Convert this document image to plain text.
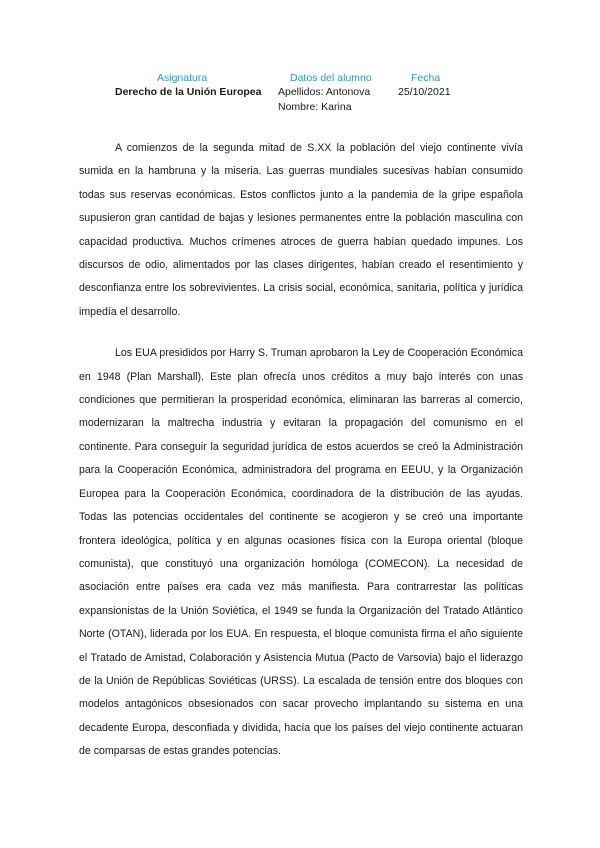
Asignatura
Derecho de la Unión Europea
Datos del alumno
Apellidos: Antonova
Nombre: Karina
Fecha
25/10/2021

A comienzos de la segunda mitad de S.XX la población del viejo continente vivía sumida en la hambruna y la miseria. Las guerras mundiales sucesivas habían consumido todas sus reservas económicas. Estos conflictos junto a la pandemia de la gripe española supusieron gran cantidad de bajas y lesiones permanentes entre la población masculina con capacidad productiva. Muchos crímenes atroces de guerra habían quedado impunes. Los discursos de odio, alimentados por las clases dirigentes, habían creado el resentimiento y desconfianza entre los sobrevivientes. La crisis social, económica, sanitaria, política y jurídica impedía el desarrollo.

Los EUA presididos por Harry S. Truman aprobaron la Ley de Cooperación Económica en 1948 (Plan Marshall). Este plan ofrecía unos créditos a muy bajo interés con unas condiciones que permitieran la prosperidad económica, eliminaran las barreras al comercio, modernizaran la maltrecha industria y evitaran la propagación del comunismo en el continente. Para conseguir la seguridad jurídica de estos acuerdos se creó la Administración para la Cooperación Económica, administradora del programa en EEUU, y la Organización Europea para la Cooperación Económica, coordinadora de la distribución de las ayudas. Todas las potencias occidentales del continente se acogieron y se creó una importante frontera ideológica, política y en algunas ocasiones física con la Europa oriental (bloque comunista), que constituyó una organización homóloga (COMECON). La necesidad de asociación entre países era cada vez más manifiesta. Para contrarrestar las políticas expansionistas de la Unión Soviética, el 1949 se funda la Organización del Tratado Atlántico Norte (OTAN), liderada por los EUA. En respuesta, el bloque comunista firma el año siguiente el Tratado de Amistad, Colaboración y Asistencia Mutua (Pacto de Varsovia) bajo el liderazgo de la Unión de Repúblicas Soviéticas (URSS). La escalada de tensión entre dos bloques con modelos antagónicos obsesionados con sacar provecho implantando su sistema en una decadente Europa, desconfiada y dividida, hacía que los países del viejo continente actuaran de comparsas de estas grandes potencias.
